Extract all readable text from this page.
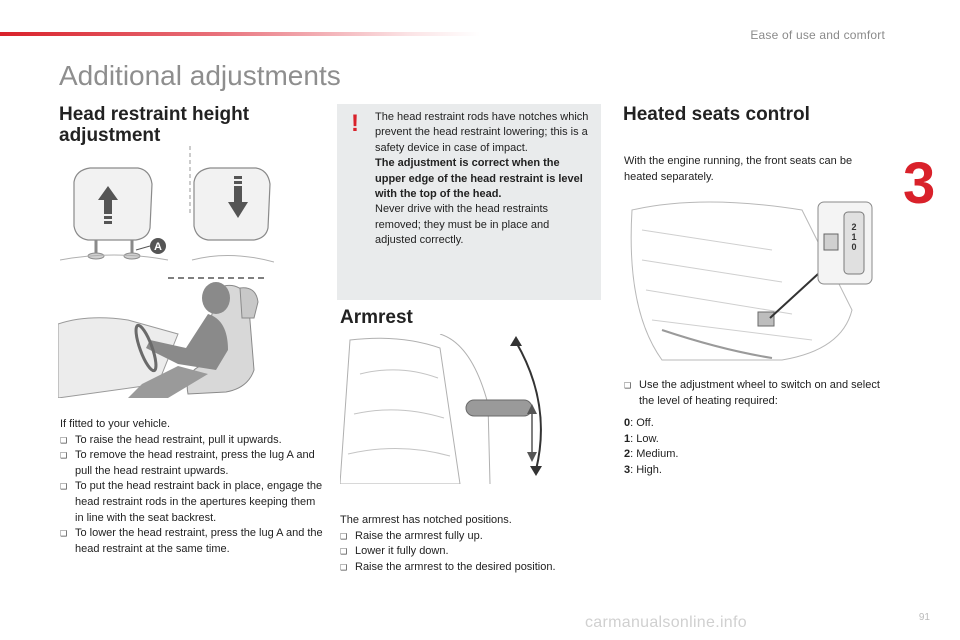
Ease of use and comfort
3
Additional adjustments
Head restraint height
adjustment
A
If fitted to your vehicle.
❑ To raise the head restraint, pull it upwards.
❑ To remove the head restraint, press the lug A and pull the head restraint upwards.
❑ To put the head restraint back in place, engage the head restraint rods in the apertures keeping them in line with the seat backrest.
❑ To lower the head restraint, press the lug A and the head restraint at the same time.
! The head restraint rods have notches which prevent the head restraint lowering; this is a safety device in case of impact.
The adjustment is correct when the upper edge of the head restraint is level with the top of the head.
Never drive with the head restraints removed; they must be in place and adjusted correctly.
Armrest
The armrest has notched positions.
❑ Raise the armrest fully up.
❑ Lower it fully down.
❑ Raise the armrest to the desired position.
Heated seats control
With the engine running, the front seats can be heated separately.
2
1
0
❑ Use the adjustment wheel to switch on and select the level of heating required:
0: Off.
1: Low.
2: Medium.
3: High.
91
carmanualsonline.info
